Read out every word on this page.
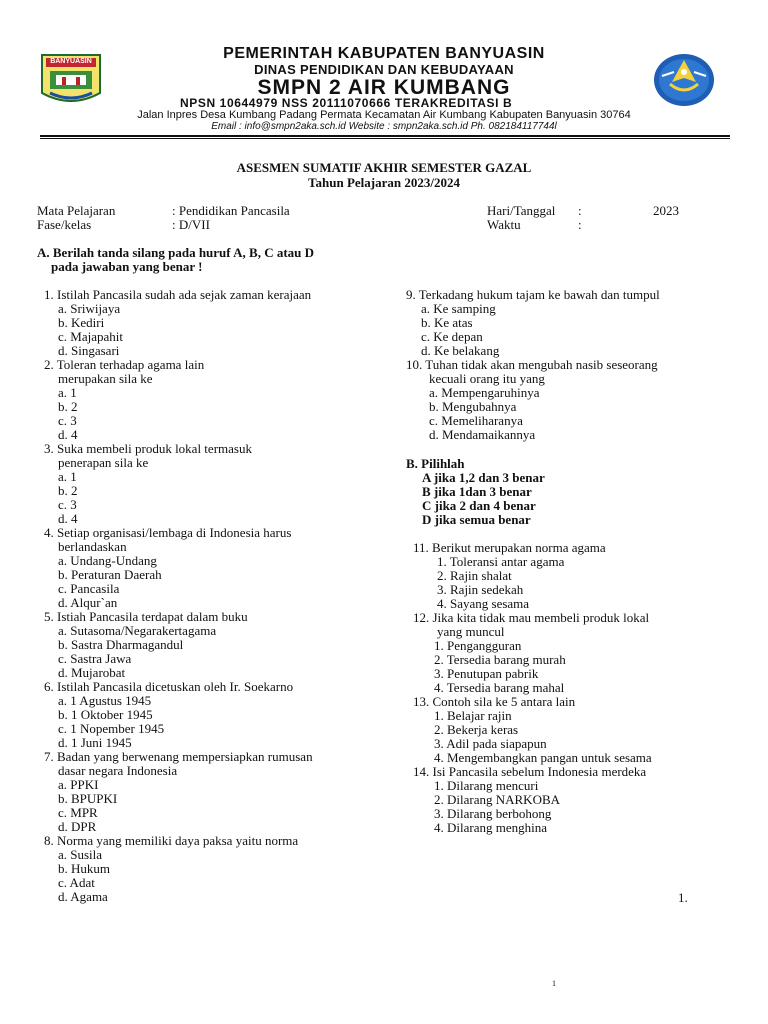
BANYUASIN	PEMERINTAH KABUPATEN BANYUASIN
DINAS PENDIDIKAN DAN KEBUDAYAAN
SMPN 2 AIR KUMBANG
NPSN 10644979 NSS 20111070666 TERAKREDITASI B
Jalan Inpres Desa Kumbang Padang Permata Kecamatan Air Kumbang Kabupaten Banyuasin 30764
Email : info@smpn2aka.sch.id Website : smpn2aka.sch.id Ph. 082184117744l
ASESMEN SUMATIF AKHIR SEMESTER GAZAL
Tahun Pelajaran 2023/2024
Mata Pelajaran	: Pendidikan Pancasila
Fase/kelas	: D/VII
Hari/Tanggal :	2023
Waktu	:
A. Berilah tanda silang pada huruf A, B, C atau D
pada jawaban yang benar !
1. Istilah Pancasila sudah ada sejak zaman kerajaan
a. Sriwijaya
b. Kediri
c. Majapahit
d. Singasari
2. Toleran terhadap agama lain
merupakan sila ke
a. 1
b. 2
c. 3
d. 4
3. Suka membeli produk lokal termasuk
penerapan sila ke
a. 1
b. 2
c. 3
d. 4
4. Setiap organisasi/lembaga di Indonesia harus
berlandaskan
a. Undang-Undang
b. Peraturan Daerah
c. Pancasila
d. Alqur`an
5. Istiah Pancasila terdapat dalam buku
a. Sutasoma/Negarakertagama
b. Sastra Dharmagandul
c. Sastra Jawa
d. Mujarobat
6. Istilah Pancasila dicetuskan oleh Ir. Soekarno
a. 1 Agustus 1945
b. 1 Oktober 1945
c. 1 Nopember 1945
d. 1 Juni 1945
7. Badan yang berwenang mempersiapkan rumusan
dasar negara Indonesia
a. PPKI
b. BPUPKI
c. MPR
d. DPR
8. Norma yang memiliki daya paksa yaitu norma
a. Susila
b. Hukum
c. Adat
d. Agama
9. Terkadang hukum tajam ke bawah dan tumpul
a. Ke samping
b. Ke atas
c. Ke depan
d. Ke belakang
10. Tuhan tidak akan mengubah nasib seseorang
kecuali orang itu yang
a. Mempengaruhinya
b. Mengubahnya
c. Memeliharanya
d. Mendamaikannya
B. Pilihlah
A jika 1,2 dan 3 benar
B jika 1dan 3 benar
C jika 2 dan 4 benar
D jika semua benar
11. Berikut merupakan norma agama
1. Toleransi antar agama
2. Rajin shalat
3. Rajin sedekah
4. Sayang sesama
12. Jika kita tidak mau membeli produk lokal
yang muncul
1. Pengangguran
2. Tersedia barang murah
3. Penutupan pabrik
4. Tersedia barang mahal
13. Contoh sila ke 5 antara lain
1. Belajar rajin
2. Bekerja keras
3. Adil pada siapapun
4. Mengembangkan pangan untuk sesama
14. Isi Pancasila sebelum Indonesia merdeka
1. Dilarang mencuri
2. Dilarang NARKOBA
3. Dilarang berbohong
4. Dilarang menghina
1.
1
